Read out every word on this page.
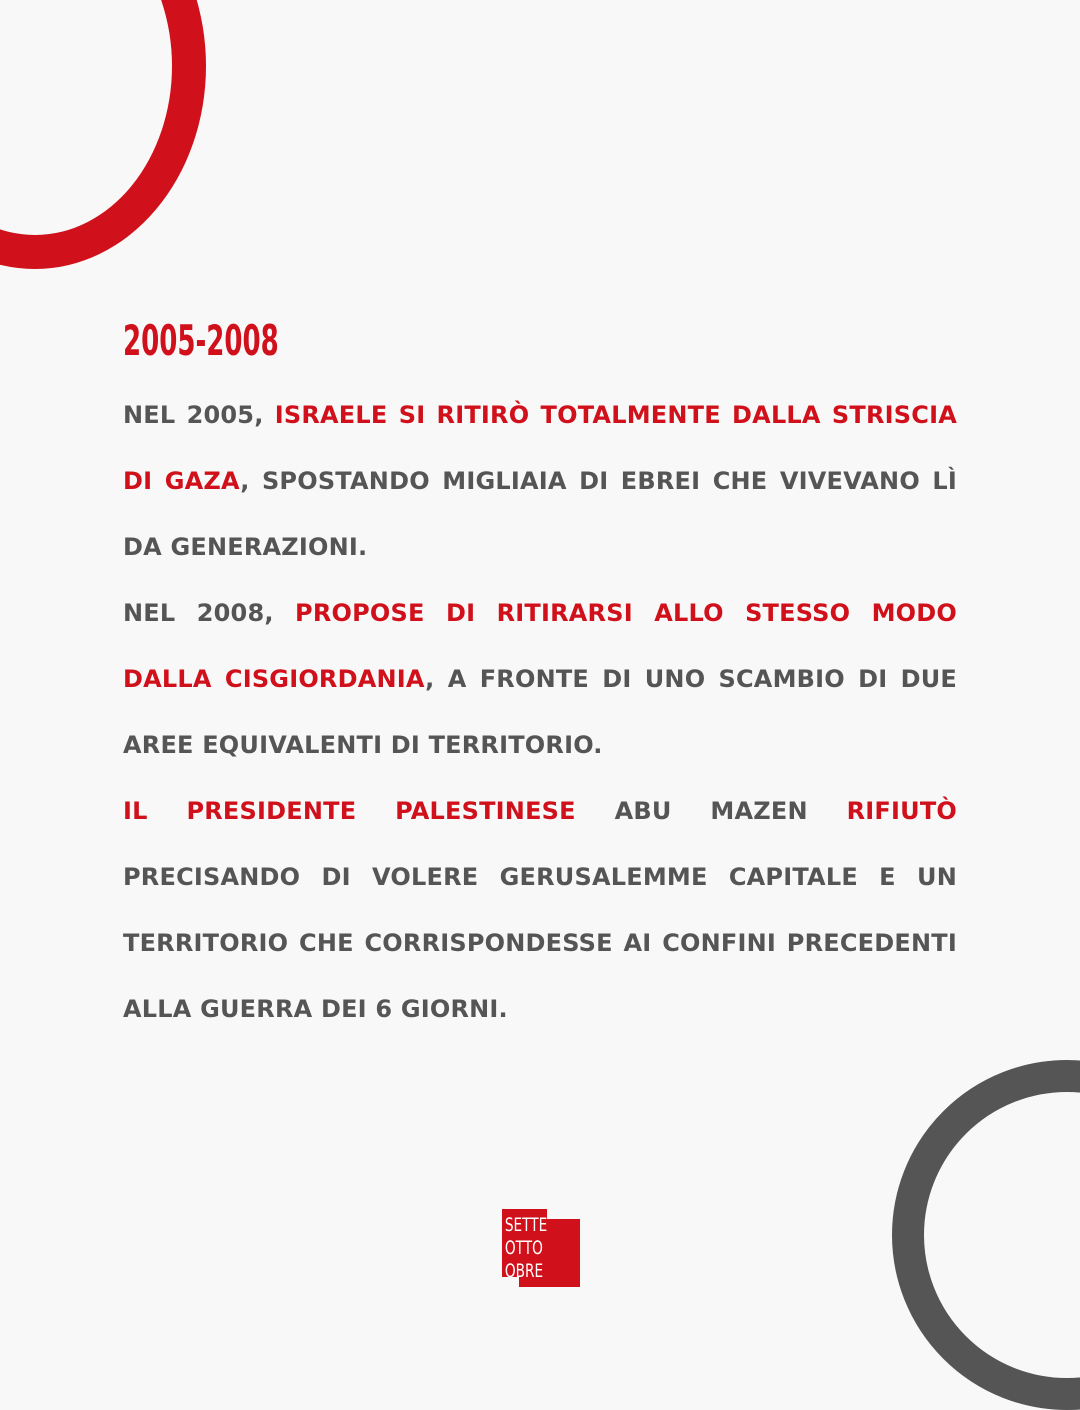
2005-2008

NEL 2005, ISRAELE SI RITIRÒ TOTALMENTE DALLA STRISCIA DI GAZA, SPOSTANDO MIGLIAIA DI EBREI CHE VIVEVANO LÌ DA GENERAZIONI.

NEL 2008, PROPOSE DI RITIRARSI ALLO STESSO MODO DALLA CISGIORDANIA, A FRONTE DI UNO SCAMBIO DI DUE AREE EQUIVALENTI DI TERRITORIO.

IL PRESIDENTE PALESTINESE ABU MAZEN RIFIUTÒ PRECISANDO DI VOLERE GERUSALEMME CAPITALE E UN TERRITORIO CHE CORRISPONDESSE AI CONFINI PRECEDENTI ALLA GUERRA DEI 6 GIORNI.

SETTE
OTTO
OBRE
